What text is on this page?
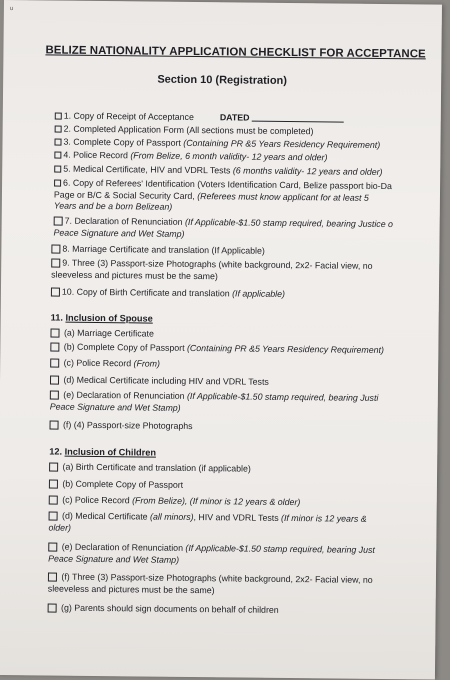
u
BELIZE NATIONALITY APPLICATION CHECKLIST FOR ACCEPTANCE
Section 10 (Registration)
1. Copy of Receipt of Acceptance	DATED
2. Completed Application Form (All sections must be completed)
3. Complete Copy of Passport (Containing PR &5 Years Residency Requirement)
4. Police Record (From Belize, 6 month validity- 12 years and older)
5. Medical Certificate, HIV and VDRL Tests (6 months validity- 12 years and older)
6. Copy of Referees' Identification (Voters Identification Card, Belize passport bio-Da
Page or B/C & Social Security Card, (Referees must know applicant for at least 5
Years and be a born Belizean)
7. Declaration of Renunciation (If Applicable-$1.50 stamp required, bearing Justice o
Peace Signature and Wet Stamp)
8. Marriage Certificate and translation (If Applicable)
9. Three (3) Passport-size Photographs (white background, 2x2- Facial view, no
sleeveless and pictures must be the same)
10. Copy of Birth Certificate and translation (If applicable)
11. Inclusion of Spouse
(a) Marriage Certificate
(b) Complete Copy of Passport (Containing PR &5 Years Residency Requirement)
(c) Police Record (From)
(d) Medical Certificate including HIV and VDRL Tests
(e) Declaration of Renunciation (If Applicable-$1.50 stamp required, bearing Justi
Peace Signature and Wet Stamp)
(f) (4) Passport-size Photographs
12. Inclusion of Children
(a) Birth Certificate and translation (if applicable)
(b) Complete Copy of Passport
(c) Police Record (From Belize), (If minor is 12 years & older)
(d) Medical Certificate (all minors), HIV and VDRL Tests (If minor is 12 years &
older)
(e) Declaration of Renunciation (If Applicable-$1.50 stamp required, bearing Just
Peace Signature and Wet Stamp)
(f) Three (3) Passport-size Photographs (white background, 2x2- Facial view, no
sleeveless and pictures must be the same)
(g) Parents should sign documents on behalf of children
